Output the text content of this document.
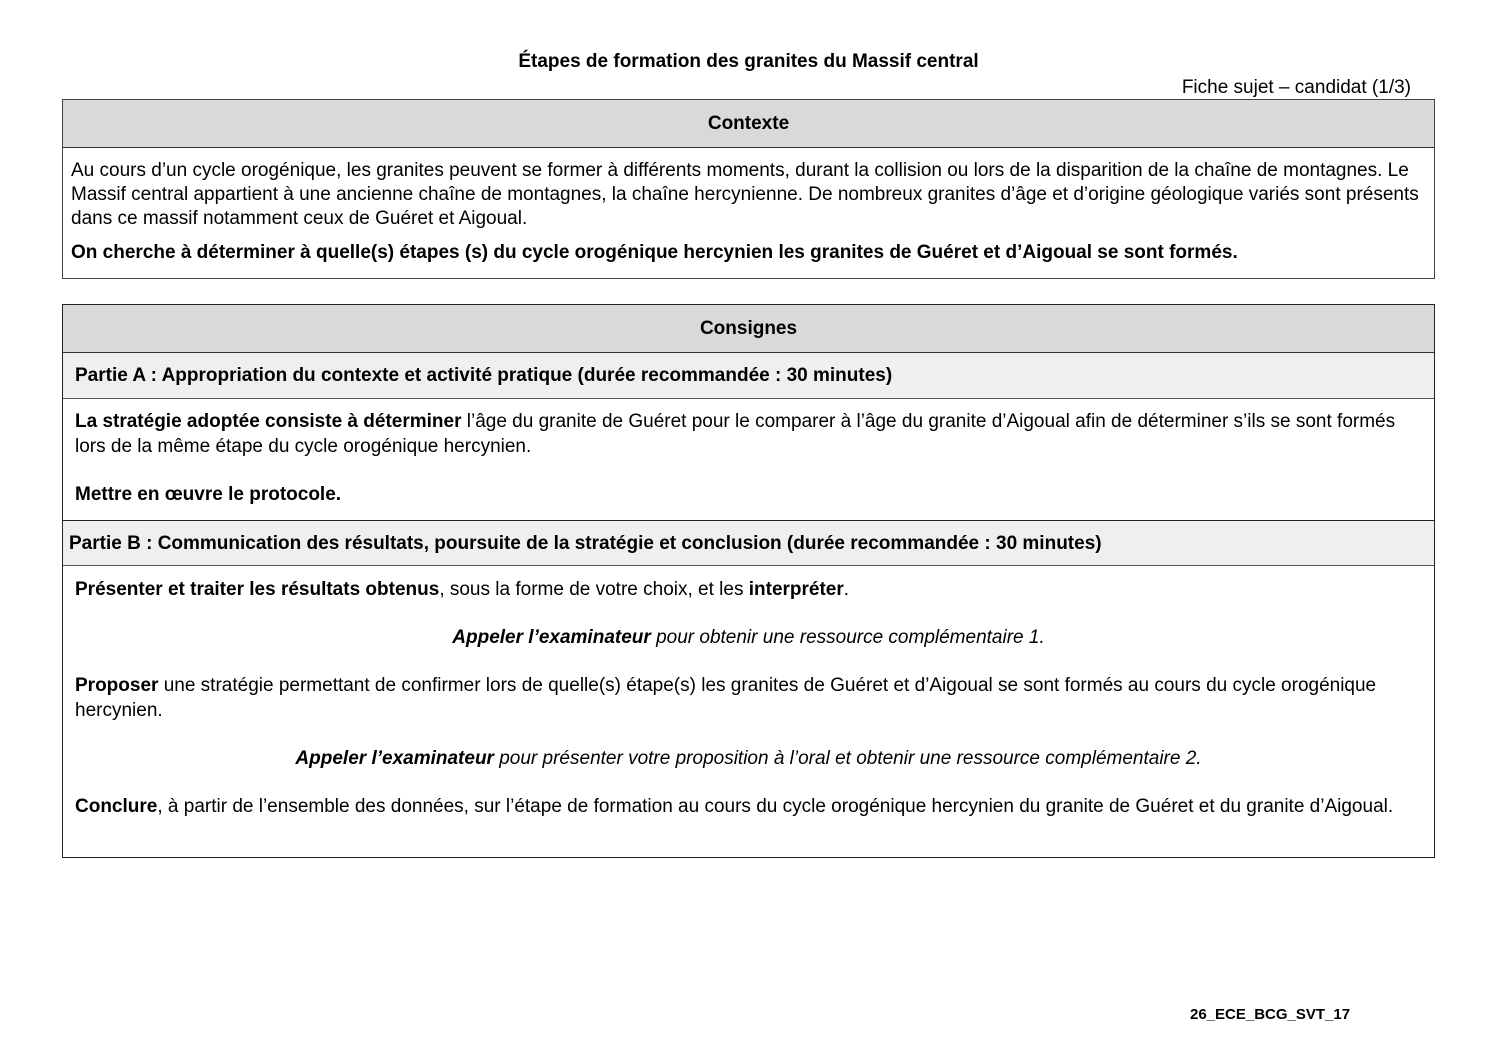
Étapes de formation des granites du Massif central
Fiche sujet – candidat (1/3)
Contexte

Au cours d’un cycle orogénique, les granites peuvent se former à différents moments, durant la collision ou lors de la disparition de la chaîne de montagnes. Le Massif central appartient à une ancienne chaîne de montagnes, la chaîne hercynienne. De nombreux granites d’âge et d’origine géologique variés sont présents dans ce massif notamment ceux de Guéret et Aigoual.

On cherche à déterminer à quelle(s) étapes (s) du cycle orogénique hercynien les granites de Guéret et d’Aigoual se sont formés.

Consignes
Partie A : Appropriation du contexte et activité pratique (durée recommandée : 30 minutes)

La stratégie adoptée consiste à déterminer l’âge du granite de Guéret pour le comparer à l’âge du granite d’Aigoual afin de déterminer s’ils se sont formés lors de la même étape du cycle orogénique hercynien.

Mettre en œuvre le protocole.

Partie B : Communication des résultats, poursuite de la stratégie et conclusion (durée recommandée : 30 minutes)

Présenter et traiter les résultats obtenus, sous la forme de votre choix, et les interpréter.

Appeler l’examinateur pour obtenir une ressource complémentaire 1.

Proposer une stratégie permettant de confirmer lors de quelle(s) étape(s) les granites de Guéret et d’Aigoual se sont formés au cours du cycle orogénique hercynien.

Appeler l’examinateur pour présenter votre proposition à l’oral et obtenir une ressource complémentaire 2.

Conclure, à partir de l’ensemble des données, sur l’étape de formation au cours du cycle orogénique hercynien du granite de Guéret et du granite d’Aigoual.

26_ECE_BCG_SVT_17
